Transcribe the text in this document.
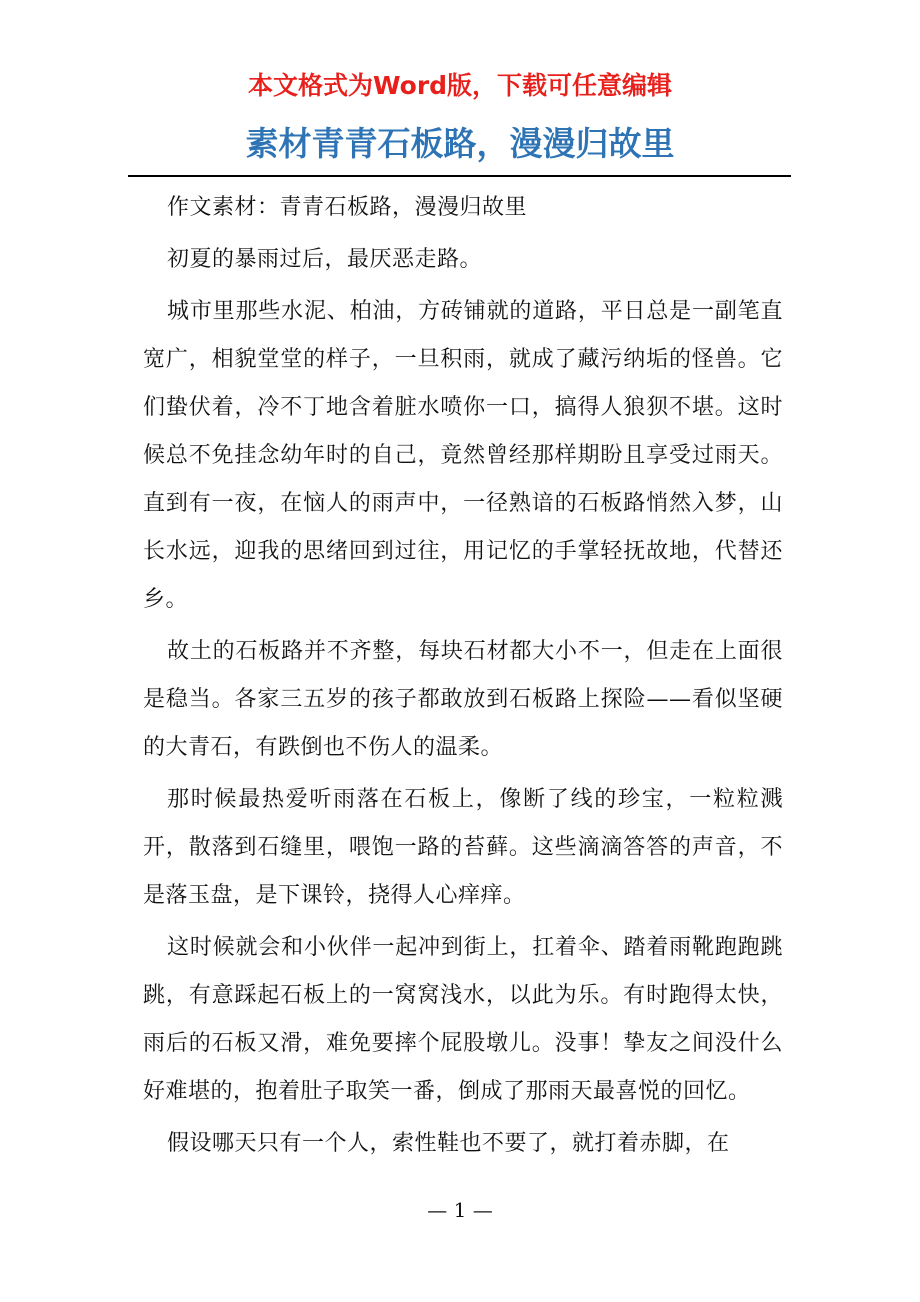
本文格式为Word版，下载可任意编辑
素材青青石板路，漫漫归故里

作文素材：青青石板路，漫漫归故里

初夏的暴雨过后，最厌恶走路。

城市里那些水泥、柏油，方砖铺就的道路，平日总是一副笔直宽广，相貌堂堂的样子，一旦积雨，就成了藏污纳垢的怪兽。它们蛰伏着，冷不丁地含着脏水喷你一口，搞得人狼狈不堪。这时候总不免挂念幼年时的自己，竟然曾经那样期盼且享受过雨天。直到有一夜，在恼人的雨声中，一径熟谙的石板路悄然入梦，山长水远，迎我的思绪回到过往，用记忆的手掌轻抚故地，代替还乡。

故土的石板路并不齐整，每块石材都大小不一，但走在上面很是稳当。各家三五岁的孩子都敢放到石板路上探险——看似坚硬的大青石，有跌倒也不伤人的温柔。

那时候最热爱听雨落在石板上，像断了线的珍宝，一粒粒溅开，散落到石缝里，喂饱一路的苔藓。这些滴滴答答的声音，不是落玉盘，是下课铃，挠得人心痒痒。

这时候就会和小伙伴一起冲到街上，扛着伞、踏着雨靴跑跑跳跳，有意踩起石板上的一窝窝浅水，以此为乐。有时跑得太快，雨后的石板又滑，难免要摔个屁股墩儿。没事！挚友之间没什么好难堪的，抱着肚子取笑一番，倒成了那雨天最喜悦的回忆。

假设哪天只有一个人，索性鞋也不要了，就打着赤脚，在

— 1 —
